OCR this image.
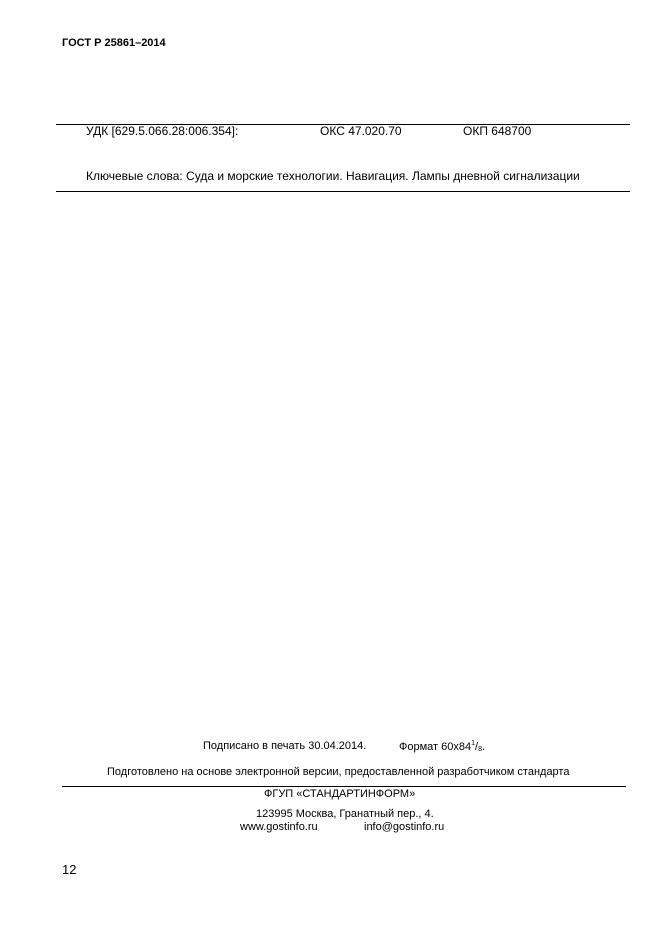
ГОСТ Р 25861–2014
УДК [629.5.066.28:006.354]:	ОКС 47.020.70	ОКП 648700
Ключевые слова: Суда и морские технологии. Навигация. Лампы дневной сигнализации
Подписано в печать 30.04.2014.	Формат $60х84^1/_8$.
Подготовлено на основе электронной версии, предоставленной разработчиком стандарта
ФГУП «СТАНДАРТИНФОРМ»
123995 Москва, Гранатный пер., 4.
www.gostinfo.ru	info@gostinfo.ru
12
